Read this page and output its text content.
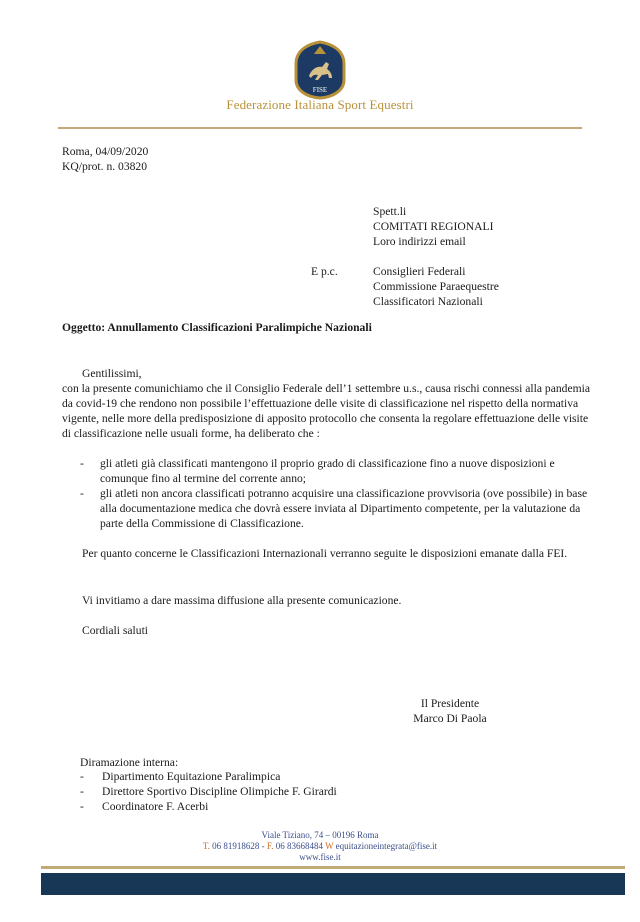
FISE
Federazione Italiana Sport Equestri
Roma, 04/09/2020
KQ/prot. n. 03820
Spett.li
COMITATI REGIONALI
Loro indirizzi email
E p.c.	Consiglieri Federali
Commissione Paraequestre
Classificatori Nazionali
Oggetto: Annullamento Classificazioni Paralimpiche Nazionali

Gentilissimi,

con la presente comunichiamo che il Consiglio Federale dell’1 settembre u.s., causa rischi connessi alla pandemia da covid-19 che rendono non possibile l’effettuazione delle visite di classificazione nel rispetto della normativa vigente, nelle more della predisposizione di apposito protocollo che consenta la regolare effettuazione delle visite di classificazione nelle usuali forme, ha deliberato che :

-	gli atleti già classificati mantengono il proprio grado di classificazione fino a nuove disposizioni e comunque fino al termine del corrente anno;
-	gli atleti non ancora classificati potranno acquisire una classificazione provvisoria (ove possibile) in base alla documentazione medica che dovrà essere inviata al Dipartimento competente, per la valutazione da parte della Commissione di Classificazione.
Per quanto concerne le Classificazioni Internazionali verranno seguite le disposizioni emanate dalla FEI.
Vi invitiamo a dare massima diffusione alla presente comunicazione.
Cordiali saluti
Il Presidente
Marco Di Paola
Diramazione interna:
-	Dipartimento Equitazione Paralimpica
-	Direttore Sportivo Discipline Olimpiche F. Girardi
-	Coordinatore F. Acerbi
Viale Tiziano, 74 – 00196 Roma
T. 06 81918628 - F. 06 83668484 W equitazioneintegrata@fise.it
www.fise.it
